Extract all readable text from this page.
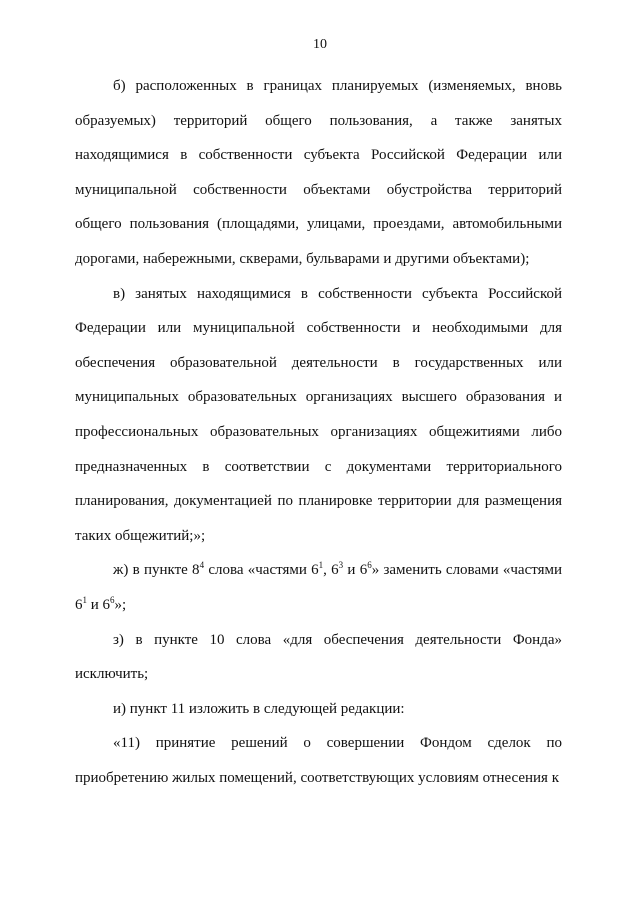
10

б) расположенных в границах планируемых (изменяемых, вновь образуемых) территорий общего пользования, а также занятых находящимися в собственности субъекта Российской Федерации или муниципальной собственности объектами обустройства территорий общего пользования (площадями, улицами, проездами, автомобильными дорогами, набережными, скверами, бульварами и другими объектами);

в) занятых находящимися в собственности субъекта Российской Федерации или муниципальной собственности и необходимыми для обеспечения образовательной деятельности в государственных или муниципальных образовательных организациях высшего образования и профессиональных образовательных организациях общежитиями либо предназначенных в соответствии с документами территориального планирования, документацией по планировке территории для размещения таких общежитий;»;

ж) в пункте $8^4$ слова «частями $6^1$, $6^3$ и $6^6$» заменить словами «частями $6^1$ и $6^6$»;

з) в пункте 10 слова «для обеспечения деятельности Фонда» исключить;

и) пункт 11 изложить в следующей редакции:

«11) принятие решений о совершении Фондом сделок по приобретению жилых помещений, соответствующих условиям отнесения к
